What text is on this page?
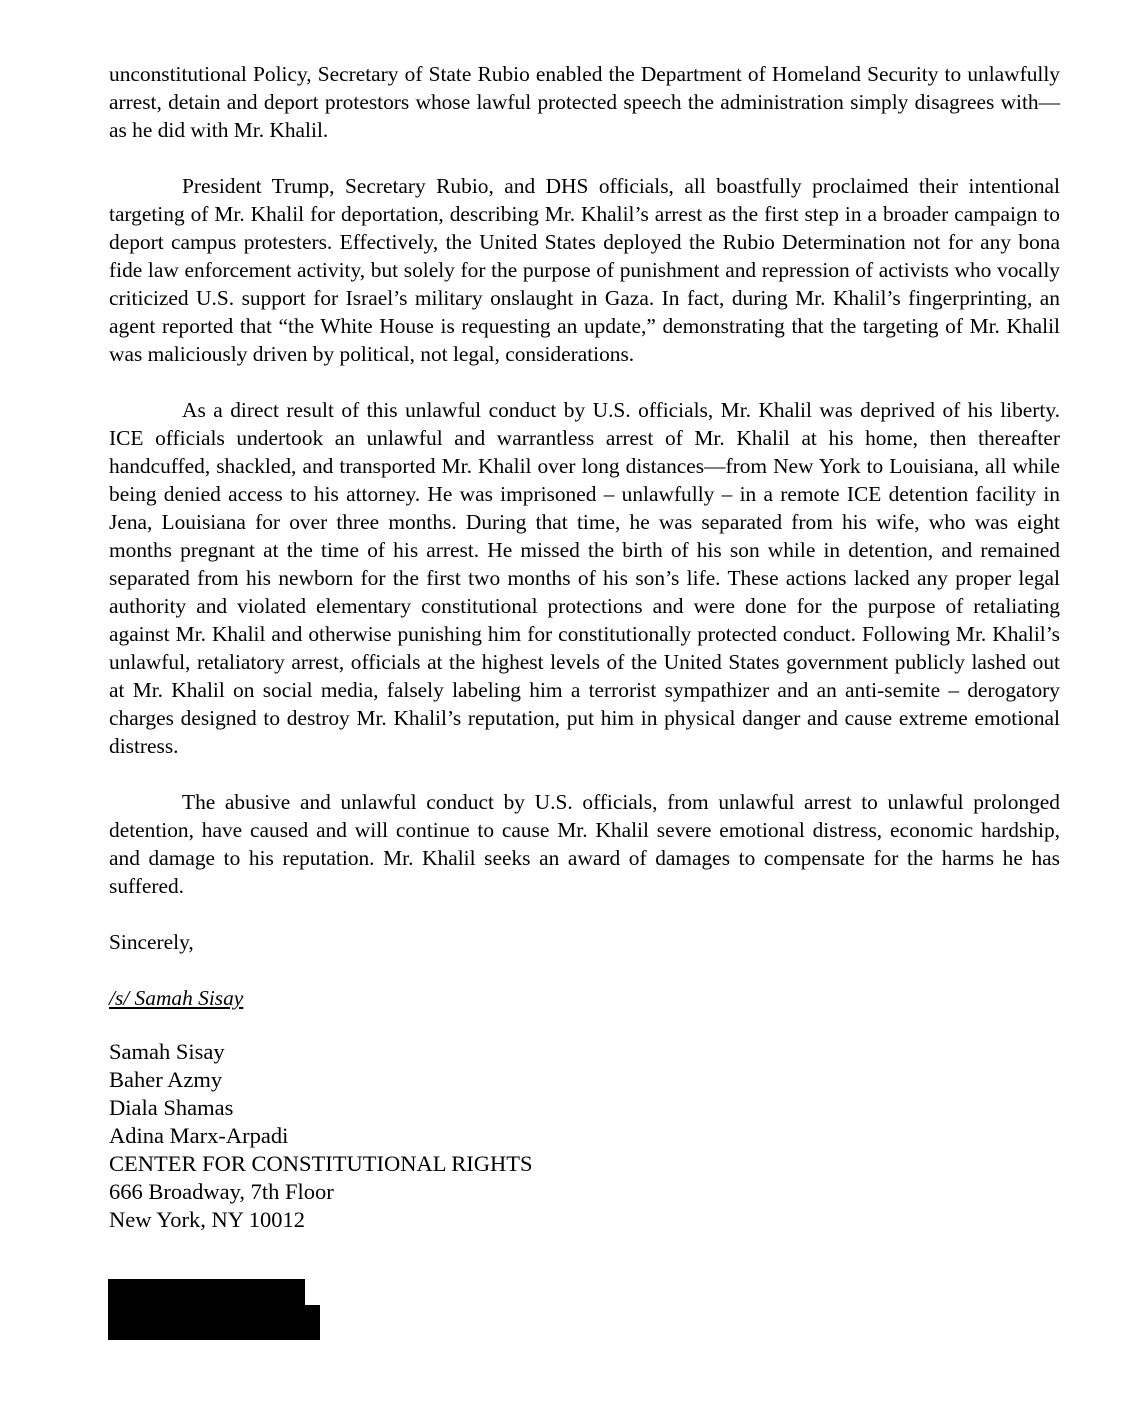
unconstitutional Policy, Secretary of State Rubio enabled the Department of Homeland Security to unlawfully arrest, detain and deport protestors whose lawful protected speech the administration simply disagrees with—as he did with Mr. Khalil.

President Trump, Secretary Rubio, and DHS officials, all boastfully proclaimed their intentional targeting of Mr. Khalil for deportation, describing Mr. Khalil’s arrest as the first step in a broader campaign to deport campus protesters. Effectively, the United States deployed the Rubio Determination not for any bona fide law enforcement activity, but solely for the purpose of punishment and repression of activists who vocally criticized U.S. support for Israel’s military onslaught in Gaza. In fact, during Mr. Khalil’s fingerprinting, an agent reported that “the White House is requesting an update,” demonstrating that the targeting of Mr. Khalil was maliciously driven by political, not legal, considerations.

As a direct result of this unlawful conduct by U.S. officials, Mr. Khalil was deprived of his liberty. ICE officials undertook an unlawful and warrantless arrest of Mr. Khalil at his home, then thereafter handcuffed, shackled, and transported Mr. Khalil over long distances—from New York to Louisiana, all while being denied access to his attorney. He was imprisoned – unlawfully – in a remote ICE detention facility in Jena, Louisiana for over three months. During that time, he was separated from his wife, who was eight months pregnant at the time of his arrest. He missed the birth of his son while in detention, and remained separated from his newborn for the first two months of his son’s life. These actions lacked any proper legal authority and violated elementary constitutional protections and were done for the purpose of retaliating against Mr. Khalil and otherwise punishing him for constitutionally protected conduct. Following Mr. Khalil’s unlawful, retaliatory arrest, officials at the highest levels of the United States government publicly lashed out at Mr. Khalil on social media, falsely labeling him a terrorist sympathizer and an anti-semite – derogatory charges designed to destroy Mr. Khalil’s reputation, put him in physical danger and cause extreme emotional distress.

The abusive and unlawful conduct by U.S. officials, from unlawful arrest to unlawful prolonged detention, have caused and will continue to cause Mr. Khalil severe emotional distress, economic hardship, and damage to his reputation. Mr. Khalil seeks an award of damages to compensate for the harms he has suffered.

Sincerely,

/s/ Samah Sisay
Samah Sisay
Baher Azmy
Diala Shamas
Adina Marx-Arpadi
CENTER FOR CONSTITUTIONAL RIGHTS
666 Broadway, 7th Floor
New York, NY 10012
